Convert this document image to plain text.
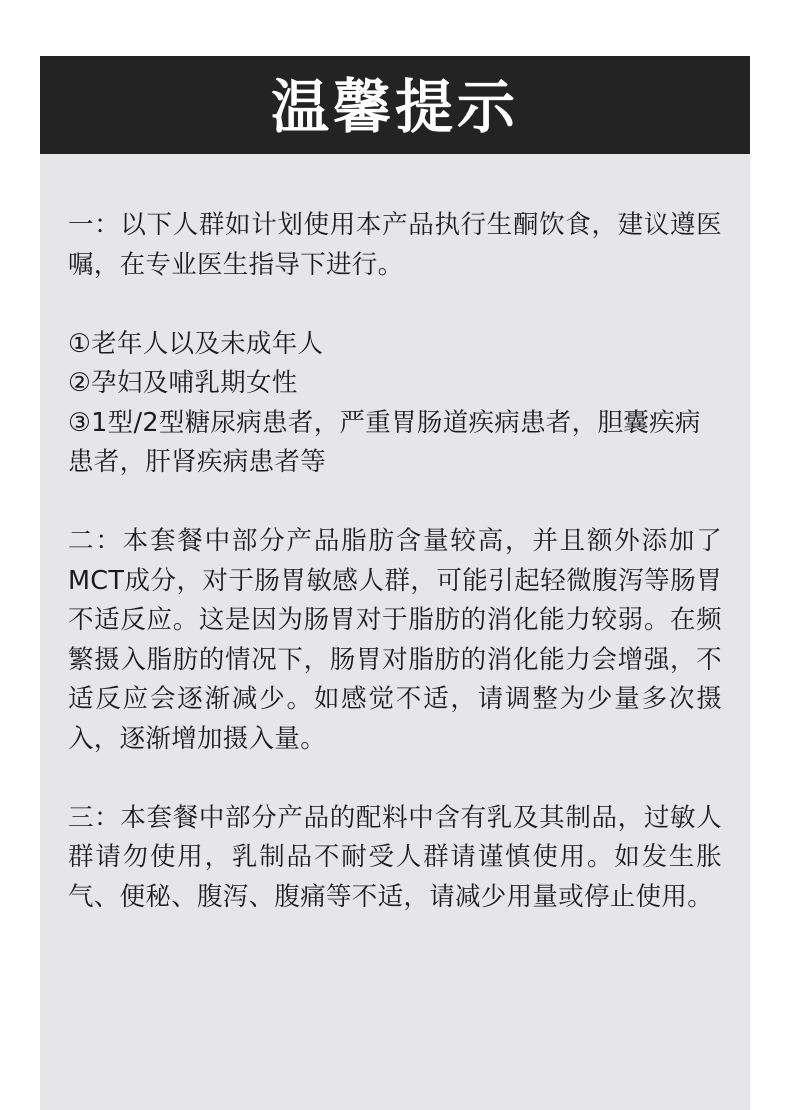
温馨提示

一：以下人群如计划使用本产品执行生酮饮食，建议遵医嘱，在专业医生指导下进行。

①老年人以及未成年人
②孕妇及哺乳期女性
③1型/2型糖尿病患者，严重胃肠道疾病患者，胆囊疾病患者，肝肾疾病患者等

二：本套餐中部分产品脂肪含量较高，并且额外添加了MCT成分，对于肠胃敏感人群，可能引起轻微腹泻等肠胃不适反应。这是因为肠胃对于脂肪的消化能力较弱。在频繁摄入脂肪的情况下，肠胃对脂肪的消化能力会增强，不适反应会逐渐减少。如感觉不适，请调整为少量多次摄入，逐渐增加摄入量。

三：本套餐中部分产品的配料中含有乳及其制品，过敏人群请勿使用，乳制品不耐受人群请谨慎使用。如发生胀气、便秘、腹泻、腹痛等不适，请减少用量或停止使用。
